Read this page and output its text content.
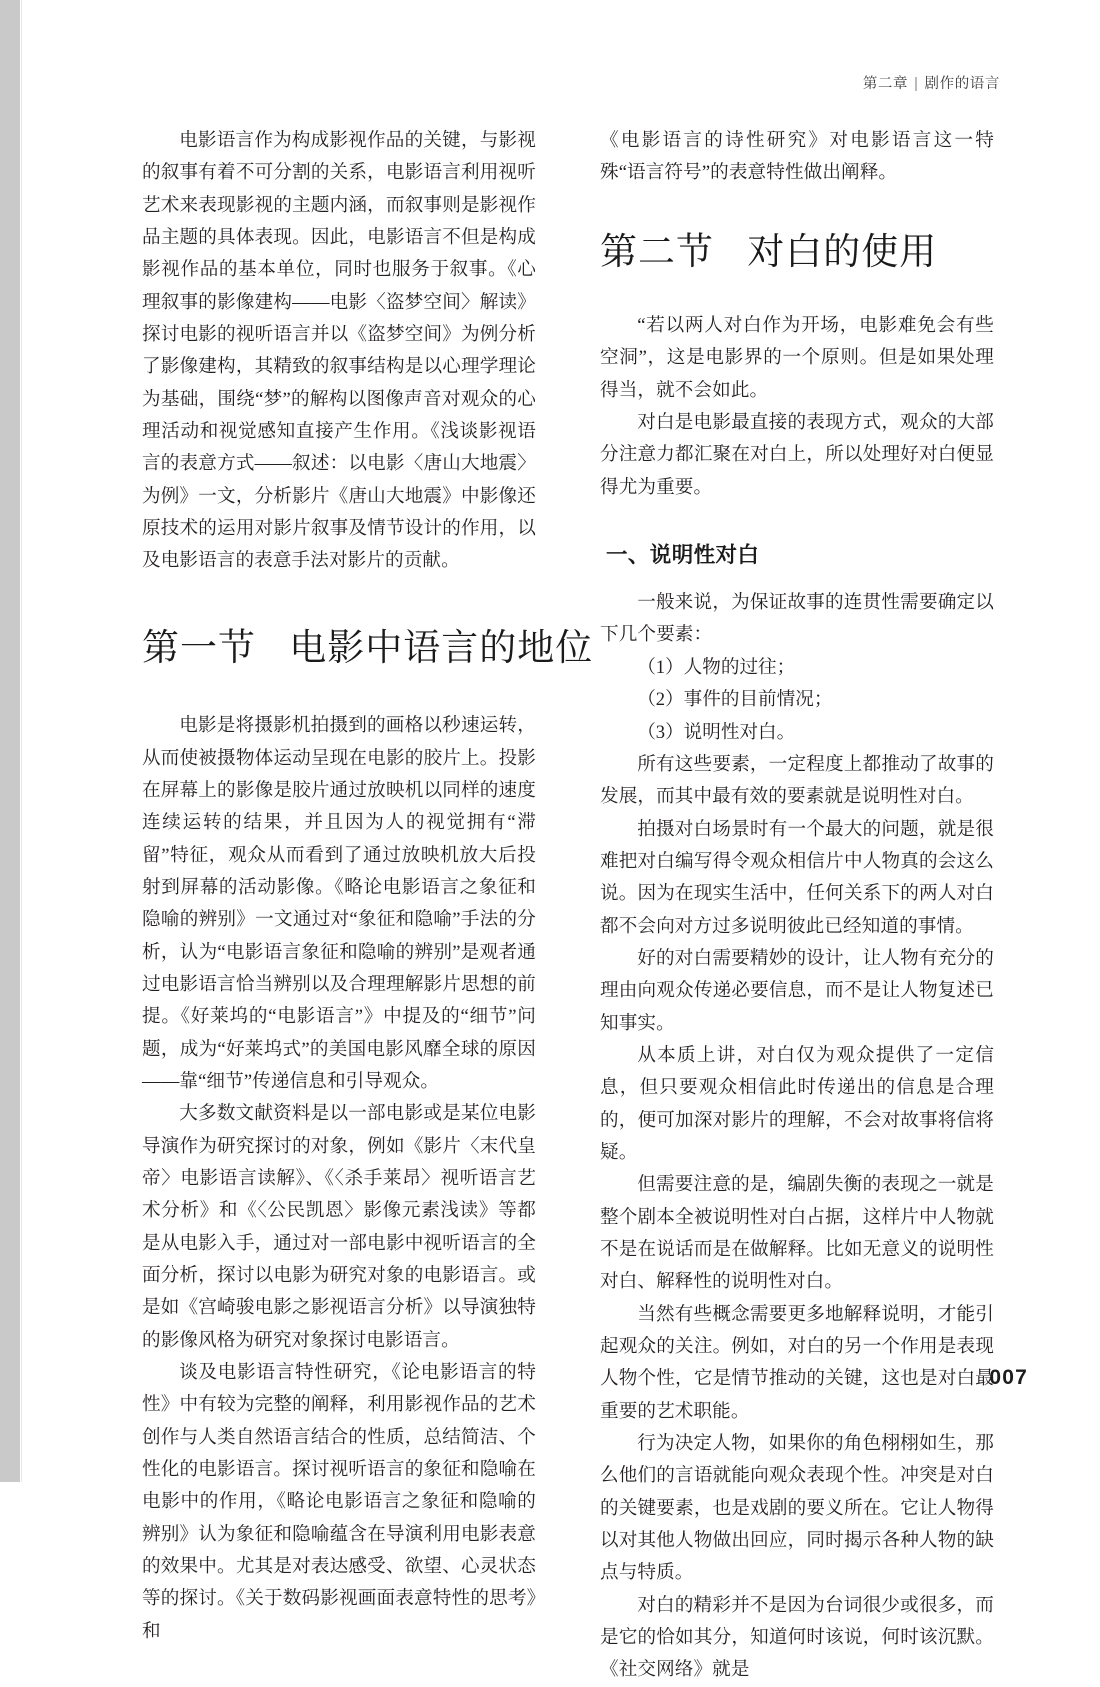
第二章 | 剧作的语言

电影语言作为构成影视作品的关键，与影视的叙事有着不可分割的关系，电影语言利用视听艺术来表现影视的主题内涵，而叙事则是影视作品主题的具体表现。因此，电影语言不但是构成影视作品的基本单位，同时也服务于叙事。《心理叙事的影像建构——电影〈盗梦空间〉解读》探讨电影的视听语言并以《盗梦空间》为例分析了影像建构，其精致的叙事结构是以心理学理论为基础，围绕“梦”的解构以图像声音对观众的心理活动和视觉感知直接产生作用。《浅谈影视语言的表意方式——叙述：以电影〈唐山大地震〉为例》一文，分析影片《唐山大地震》中影像还原技术的运用对影片叙事及情节设计的作用，以及电影语言的表意手法对影片的贡献。

第一节 电影中语言的地位

电影是将摄影机拍摄到的画格以秒速运转，从而使被摄物体运动呈现在电影的胶片上。投影在屏幕上的影像是胶片通过放映机以同样的速度连续运转的结果，并且因为人的视觉拥有“滞留”特征，观众从而看到了通过放映机放大后投射到屏幕的活动影像。《略论电影语言之象征和隐喻的辨别》一文通过对“象征和隐喻”手法的分析，认为“电影语言象征和隐喻的辨别”是观者通过电影语言恰当辨别以及合理理解影片思想的前提。《好莱坞的“电影语言”》中提及的“细节”问题，成为“好莱坞式”的美国电影风靡全球的原因——靠“细节”传递信息和引导观众。

大多数文献资料是以一部电影或是某位电影导演作为研究探讨的对象，例如《影片〈末代皇帝〉电影语言读解》、《〈杀手莱昂〉视听语言艺术分析》和《〈公民凯恩〉影像元素浅读》等都是从电影入手，通过对一部电影中视听语言的全面分析，探讨以电影为研究对象的电影语言。或是如《宫崎骏电影之影视语言分析》以导演独特的影像风格为研究对象探讨电影语言。

谈及电影语言特性研究，《论电影语言的特性》中有较为完整的阐释，利用影视作品的艺术创作与人类自然语言结合的性质，总结简洁、个性化的电影语言。探讨视听语言的象征和隐喻在电影中的作用，《略论电影语言之象征和隐喻的辨别》认为象征和隐喻蕴含在导演利用电影表意的效果中。尤其是对表达感受、欲望、心灵状态等的探讨。《关于数码影视画面表意特性的思考》和

《电影语言的诗性研究》对电影语言这一特殊“语言符号”的表意特性做出阐释。

第二节 对白的使用

“若以两人对白作为开场，电影难免会有些空洞”，这是电影界的一个原则。但是如果处理得当，就不会如此。

对白是电影最直接的表现方式，观众的大部分注意力都汇聚在对白上，所以处理好对白便显得尤为重要。

一、说明性对白

一般来说，为保证故事的连贯性需要确定以下几个要素：

（1）人物的过往；

（2）事件的目前情况；

（3）说明性对白。

所有这些要素，一定程度上都推动了故事的发展，而其中最有效的要素就是说明性对白。

拍摄对白场景时有一个最大的问题，就是很难把对白编写得令观众相信片中人物真的会这么说。因为在现实生活中，任何关系下的两人对白都不会向对方过多说明彼此已经知道的事情。

好的对白需要精妙的设计，让人物有充分的理由向观众传递必要信息，而不是让人物复述已知事实。

从本质上讲，对白仅为观众提供了一定信息，但只要观众相信此时传递出的信息是合理的，便可加深对影片的理解，不会对故事将信将疑。

但需要注意的是，编剧失衡的表现之一就是整个剧本全被说明性对白占据，这样片中人物就不是在说话而是在做解释。比如无意义的说明性对白、解释性的说明性对白。

当然有些概念需要更多地解释说明，才能引起观众的关注。例如，对白的另一个作用是表现人物个性，它是情节推动的关键，这也是对白最重要的艺术职能。

行为决定人物，如果你的角色栩栩如生，那么他们的言语就能向观众表现个性。冲突是对白的关键要素，也是戏剧的要义所在。它让人物得以对其他人物做出回应，同时揭示各种人物的缺点与特质。

对白的精彩并不是因为台词很少或很多，而是它的恰如其分，知道何时该说，何时该沉默。《社交网络》就是

007
